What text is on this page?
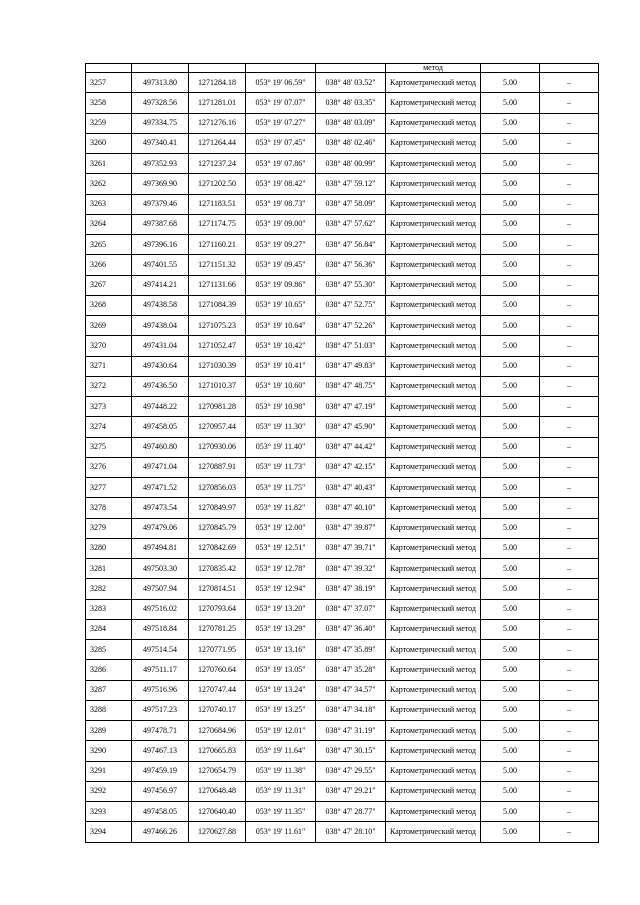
					метод		
3257	497313.80	1271284.18	053° 19' 06.59"	038° 48' 03.52"	Картометрический метод	5.00	–
3258	497328.56	1271281.01	053° 19' 07.07"	038° 48' 03.35"	Картометрический метод	5.00	–
3259	497334.75	1271276.16	053° 19' 07.27"	038° 48' 03.09"	Картометрический метод	5.00	–
3260	497340.41	1271264.44	053° 19' 07.45"	038° 48' 02.46"	Картометрический метод	5.00	–
3261	497352.93	1271237.24	053° 19' 07.86"	038° 48' 00.99"	Картометрический метод	5.00	–
3262	497369.90	1271202.50	053° 19' 08.42"	038° 47' 59.12"	Картометрический метод	5.00	–
3263	497379.46	1271183.51	053° 19' 08.73"	038° 47' 58.09"	Картометрический метод	5.00	–
3264	497387.68	1271174.75	053° 19' 09.00"	038° 47' 57.62"	Картометрический метод	5.00	–
3265	497396.16	1271160.21	053° 19' 09.27"	038° 47' 56.84"	Картометрический метод	5.00	–
3266	497401.55	1271151.32	053° 19' 09.45"	038° 47' 56.36"	Картометрический метод	5.00	–
3267	497414.21	1271131.66	053° 19' 09.86"	038° 47' 55.30"	Картометрический метод	5.00	–
3268	497438.58	1271084.39	053° 19' 10.65"	038° 47' 52.75"	Картометрический метод	5.00	–
3269	497438.04	1271075.23	053° 19' 10.64"	038° 47' 52.26"	Картометрический метод	5.00	–
3270	497431.04	1271052.47	053° 19' 10.42"	038° 47' 51.03"	Картометрический метод	5.00	–
3271	497430.64	1271030.39	053° 19' 10.41"	038° 47' 49.83"	Картометрический метод	5.00	–
3272	497436.50	1271010.37	053° 19' 10.60"	038° 47' 48.75"	Картометрический метод	5.00	–
3273	497448.22	1270981.28	053° 19' 10.98"	038° 47' 47.19"	Картометрический метод	5.00	–
3274	497458.05	1270957.44	053° 19' 11.30"	038° 47' 45.90"	Картометрический метод	5.00	–
3275	497460.80	1270930.06	053° 19' 11.40"	038° 47' 44.42"	Картометрический метод	5.00	–
3276	497471.04	1270887.91	053° 19' 11.73"	038° 47' 42.15"	Картометрический метод	5.00	–
3277	497471.52	1270856.03	053° 19' 11.75"	038° 47' 40.43"	Картометрический метод	5.00	–
3278	497473.54	1270849.97	053° 19' 11.82"	038° 47' 40.10"	Картометрический метод	5.00	–
3279	497479.06	1270845.79	053° 19' 12.00"	038° 47' 39.87"	Картометрический метод	5.00	–
3280	497494.81	1270842.69	053° 19' 12.51"	038° 47' 39.71"	Картометрический метод	5.00	–
3281	497503.30	1270835.42	053° 19' 12.78"	038° 47' 39.32"	Картометрический метод	5.00	–
3282	497507.94	1270814.51	053° 19' 12.94"	038° 47' 38.19"	Картометрический метод	5.00	–
3283	497516.02	1270793.64	053° 19' 13.20"	038° 47' 37.07"	Картометрический метод	5.00	–
3284	497518.84	1270781.25	053° 19' 13.29"	038° 47' 36.40"	Картометрический метод	5.00	–
3285	497514.54	1270771.95	053° 19' 13.16"	038° 47' 35.89"	Картометрический метод	5.00	–
3286	497511.17	1270760.64	053° 19' 13.05"	038° 47' 35.28"	Картометрический метод	5.00	–
3287	497516.96	1270747.44	053° 19' 13.24"	038° 47' 34.57"	Картометрический метод	5.00	–
3288	497517.23	1270740.17	053° 19' 13.25"	038° 47' 34.18"	Картометрический метод	5.00	–
3289	497478.71	1270684.96	053° 19' 12.01"	038° 47' 31.19"	Картометрический метод	5.00	–
3290	497467.13	1270665.83	053° 19' 11.64"	038° 47' 30.15"	Картометрический метод	5.00	–
3291	497459.19	1270654.79	053° 19' 11.38"	038° 47' 29.55"	Картометрический метод	5.00	–
3292	497456.97	1270648.48	053° 19' 11.31"	038° 47' 29.21"	Картометрический метод	5.00	–
3293	497458.05	1270640.40	053° 19' 11.35"	038° 47' 28.77"	Картометрический метод	5.00	–
3294	497466.26	1270627.88	053° 19' 11.61"	038° 47' 28.10"	Картометрический метод	5.00	–
